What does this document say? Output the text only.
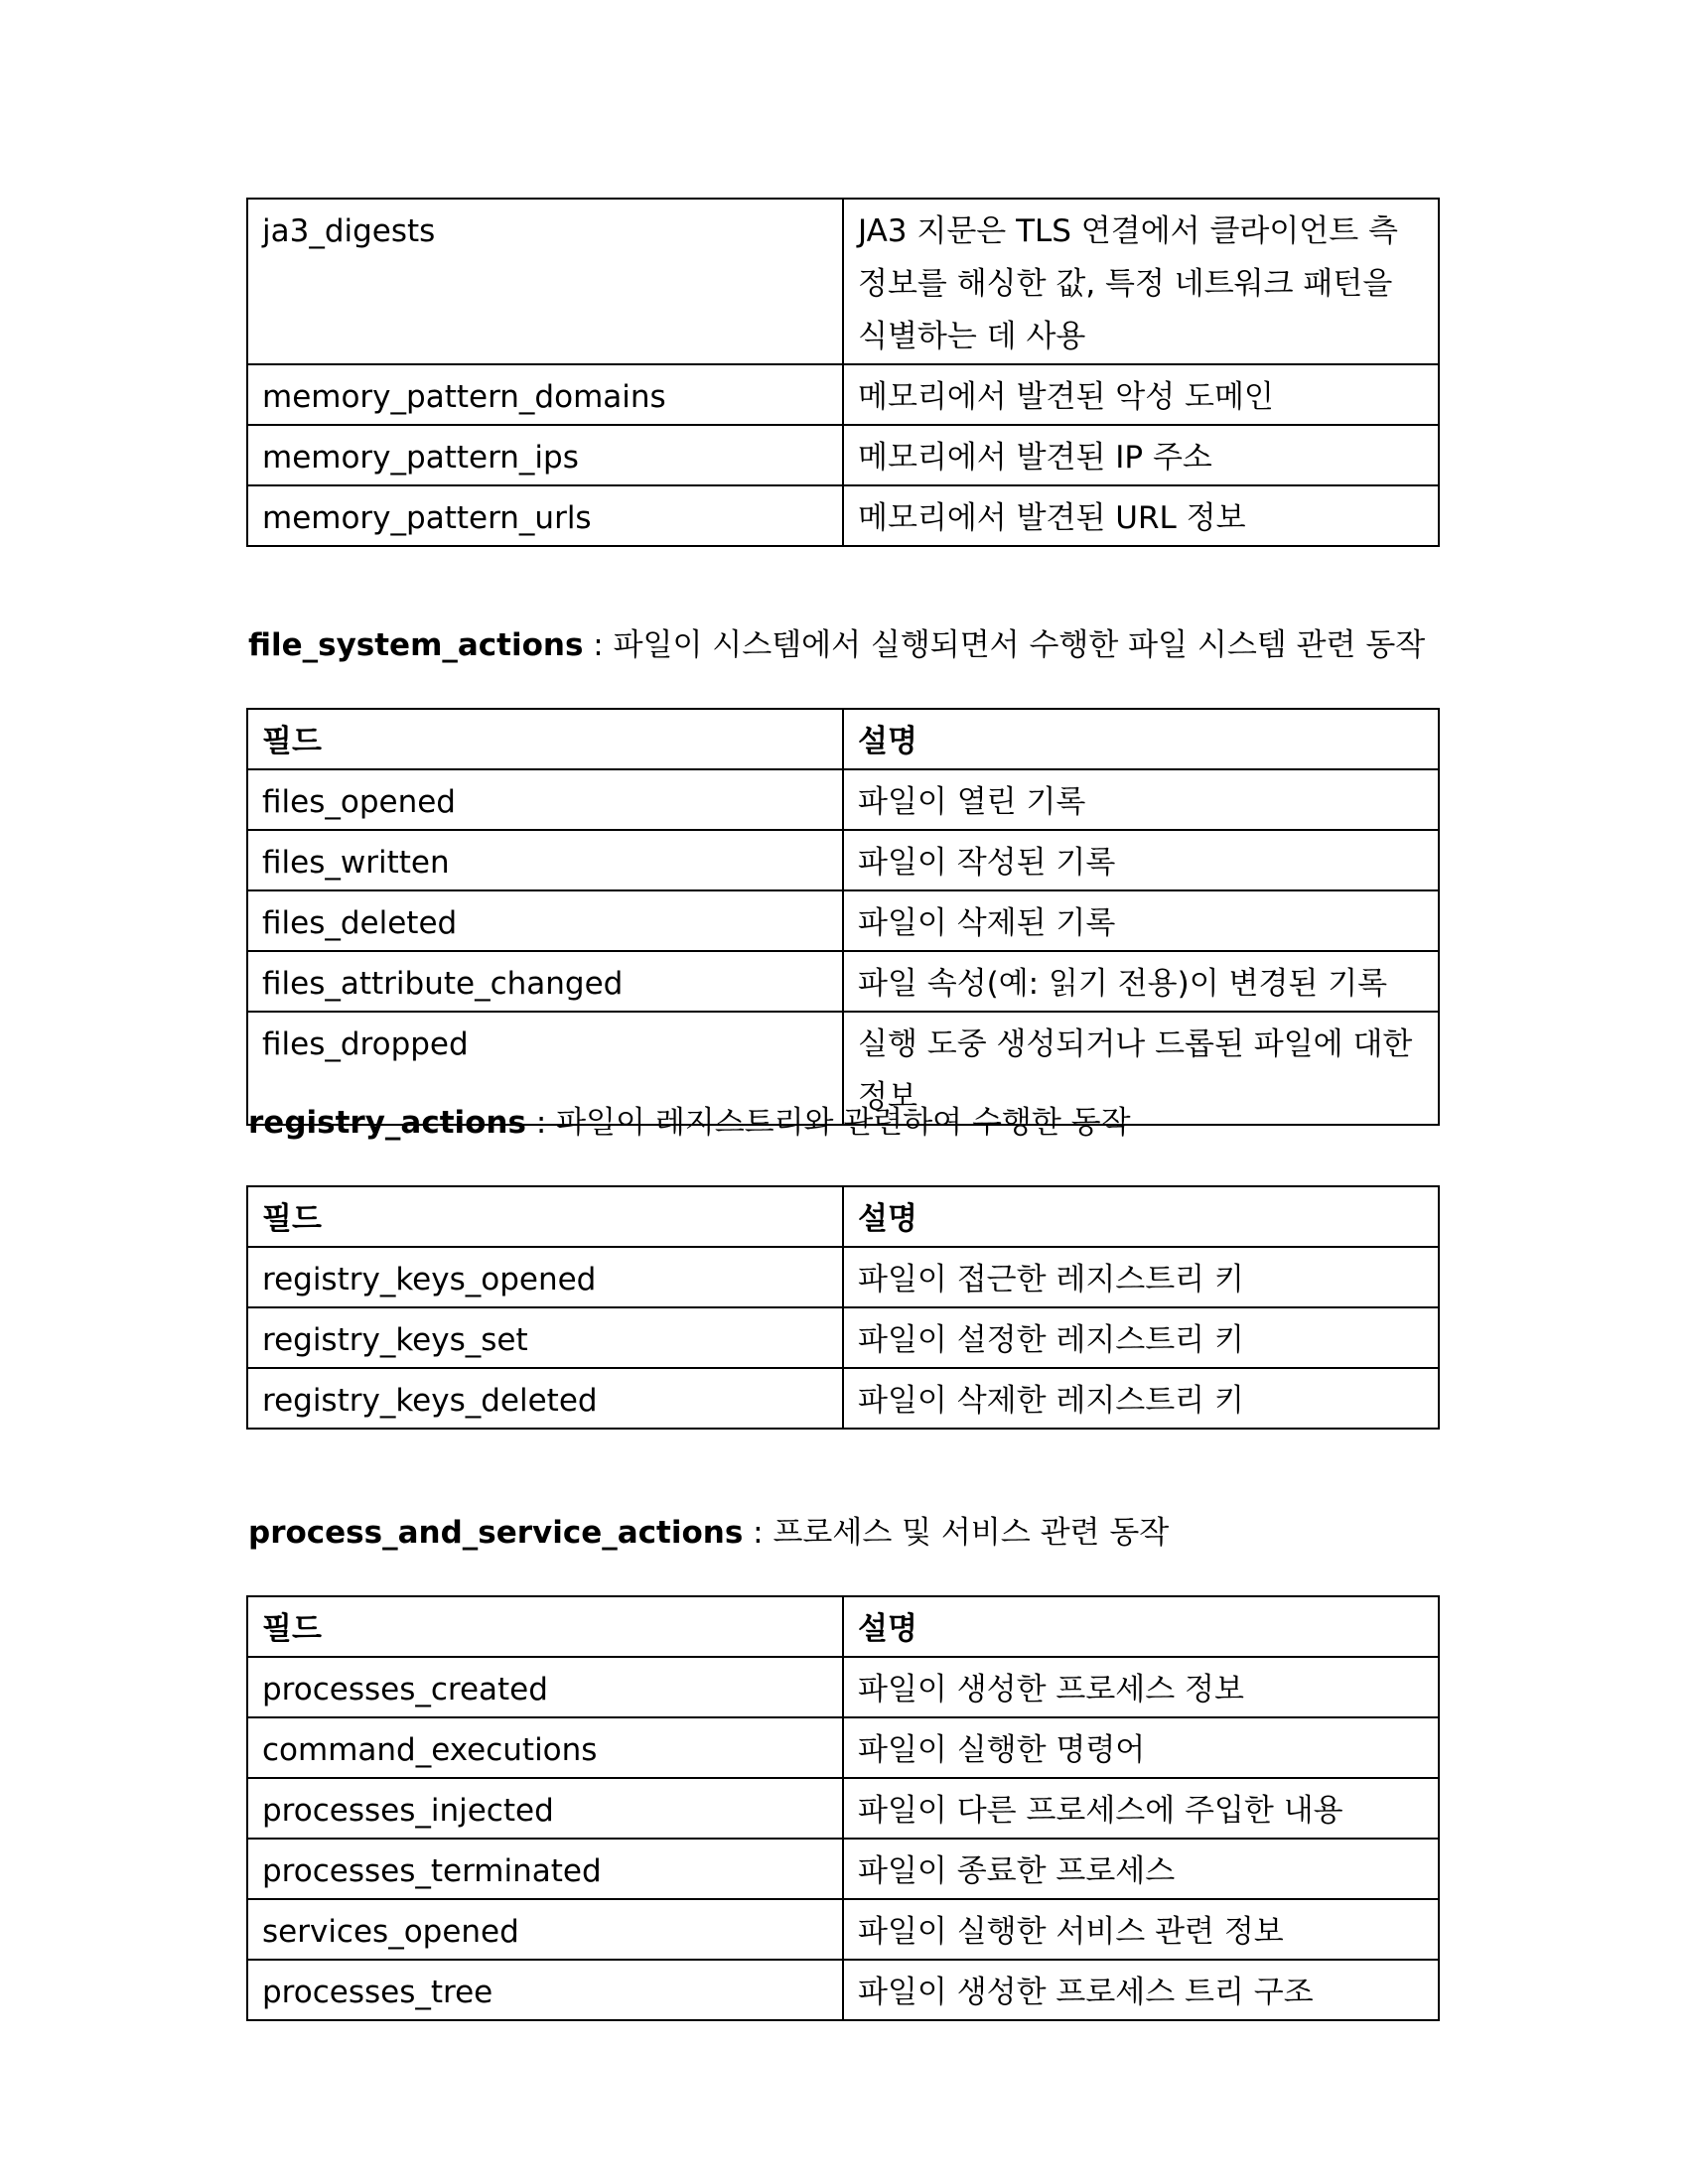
ja3_digests	JA3 지문은 TLS 연결에서 클라이언트 측 정보를 해싱한 값, 특정 네트워크 패턴을 식별하는 데 사용
memory_pattern_domains	메모리에서 발견된 악성 도메인
memory_pattern_ips	메모리에서 발견된 IP 주소
memory_pattern_urls	메모리에서 발견된 URL 정보
file_system_actions : 파일이 시스템에서 실행되면서 수행한 파일 시스템 관련 동작
필드	설명
files_opened	파일이 열린 기록
files_written	파일이 작성된 기록
files_deleted	파일이 삭제된 기록
files_attribute_changed	파일 속성(예: 읽기 전용)이 변경된 기록
files_dropped	실행 도중 생성되거나 드롭된 파일에 대한 정보
registry_actions : 파일이 레지스트리와 관련하여 수행한 동작
필드	설명
registry_keys_opened	파일이 접근한 레지스트리 키
registry_keys_set	파일이 설정한 레지스트리 키
registry_keys_deleted	파일이 삭제한 레지스트리 키
process_and_service_actions : 프로세스 및 서비스 관련 동작
필드	설명
processes_created	파일이 생성한 프로세스 정보
command_executions	파일이 실행한 명령어
processes_injected	파일이 다른 프로세스에 주입한 내용
processes_terminated	파일이 종료한 프로세스
services_opened	파일이 실행한 서비스 관련 정보
processes_tree	파일이 생성한 프로세스 트리 구조
